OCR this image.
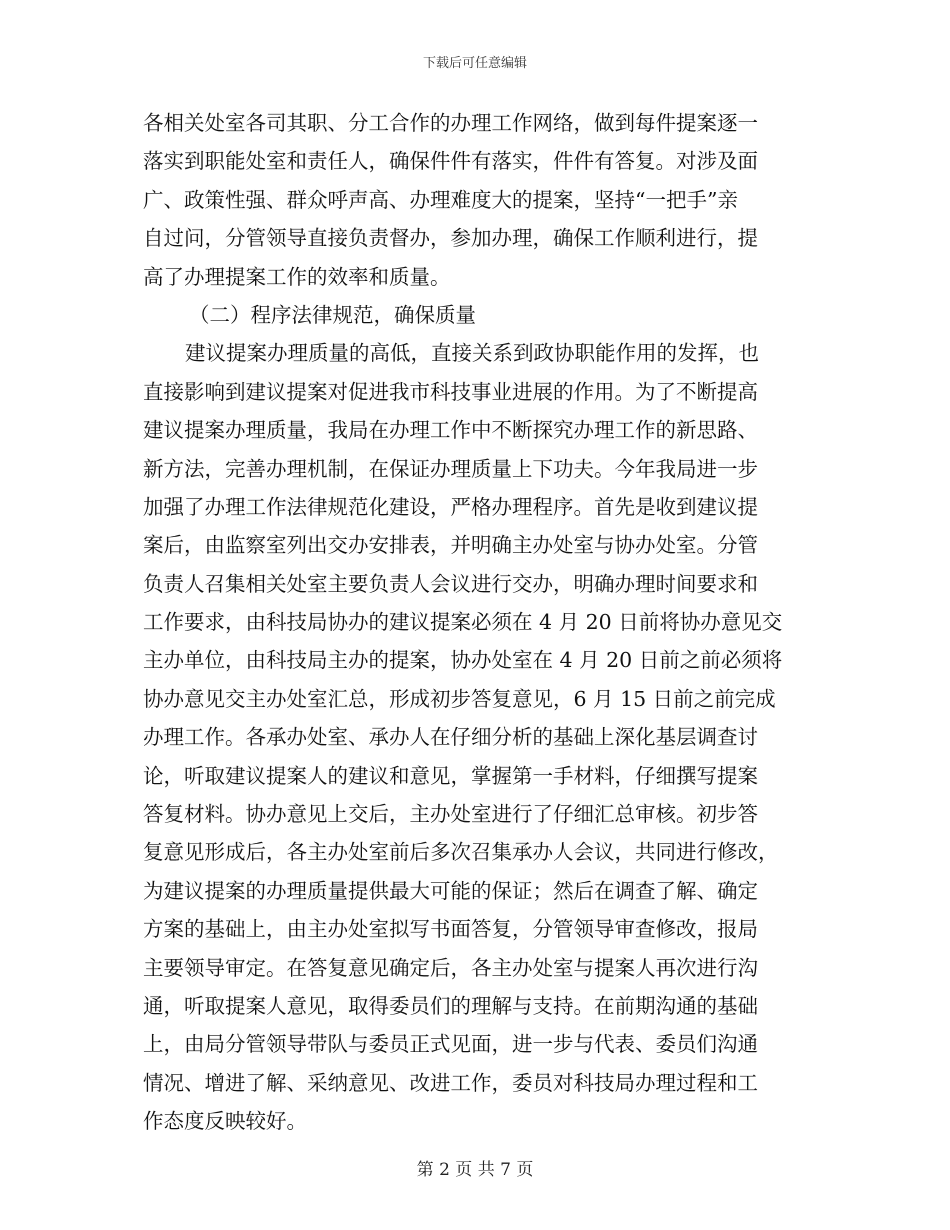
下载后可任意编辑
各相关处室各司其职、分工合作的办理工作网络，做到每件提案逐一
落实到职能处室和责任人，确保件件有落实，件件有答复。对涉及面
广、政策性强、群众呼声高、办理难度大的提案，坚持“一把手”亲
自过问，分管领导直接负责督办，参加办理，确保工作顺利进行，提
高了办理提案工作的效率和质量。
（二）程序法律规范，确保质量
建议提案办理质量的高低，直接关系到政协职能作用的发挥，也
直接影响到建议提案对促进我市科技事业进展的作用。为了不断提高
建议提案办理质量，我局在办理工作中不断探究办理工作的新思路、
新方法，完善办理机制，在保证办理质量上下功夫。今年我局进一步
加强了办理工作法律规范化建设，严格办理程序。首先是收到建议提
案后，由监察室列出交办安排表，并明确主办处室与协办处室。分管
负责人召集相关处室主要负责人会议进行交办，明确办理时间要求和
工作要求，由科技局协办的建议提案必须在 4 月 20 日前将协办意见交
主办单位，由科技局主办的提案，协办处室在 4 月 20 日前之前必须将
协办意见交主办处室汇总，形成初步答复意见，6 月 15 日前之前完成
办理工作。各承办处室、承办人在仔细分析的基础上深化基层调查讨
论，听取建议提案人的建议和意见，掌握第一手材料，仔细撰写提案
答复材料。协办意见上交后，主办处室进行了仔细汇总审核。初步答
复意见形成后，各主办处室前后多次召集承办人会议，共同进行修改，
为建议提案的办理质量提供最大可能的保证；然后在调查了解、确定
方案的基础上，由主办处室拟写书面答复，分管领导审查修改，报局
主要领导审定。在答复意见确定后，各主办处室与提案人再次进行沟
通，听取提案人意见，取得委员们的理解与支持。在前期沟通的基础
上，由局分管领导带队与委员正式见面，进一步与代表、委员们沟通
情况、增进了解、采纳意见、改进工作，委员对科技局办理过程和工
作态度反映较好。
第 2 页 共 7 页
